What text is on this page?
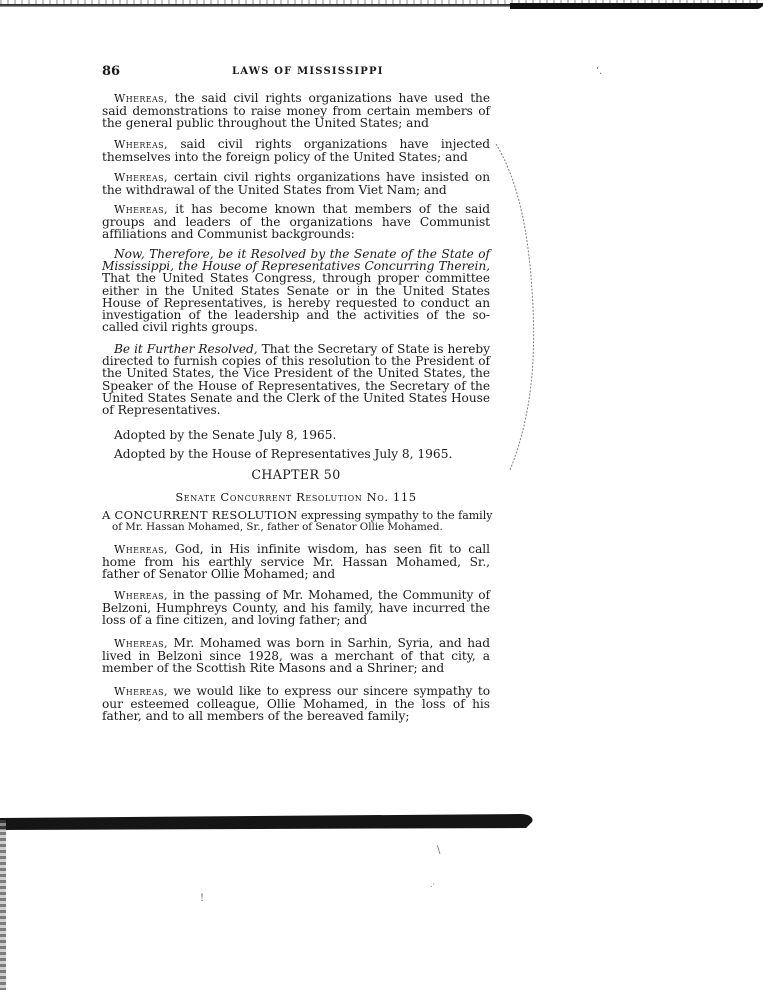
86	LAWS OF MISSISSIPPI	‘.

Whereas, the said civil rights organizations have used the said demonstrations to raise money from certain members of the general public throughout the United States; and

Whereas, said civil rights organizations have injected themselves into the foreign policy of the United States; and

Whereas, certain civil rights organizations have insisted on the withdrawal of the United States from Viet Nam; and

Whereas, it has become known that members of the said groups and leaders of the organizations have Communist affiliations and Communist backgrounds:

Now, Therefore, be it Resolved by the Senate of the State of Mississippi, the House of Representatives Concurring Therein, That the United States Congress, through proper committee either in the United States Senate or in the United States House of Representatives, is hereby requested to conduct an investigation of the leadership and the activities of the so-called civil rights groups.

Be it Further Resolved, That the Secretary of State is hereby directed to furnish copies of this resolution to the President of the United States, the Vice President of the United States, the Speaker of the House of Representatives, the Secretary of the United States Senate and the Clerk of the United States House of Representatives.

Adopted by the Senate July 8, 1965.
Adopted by the House of Representatives July 8, 1965.
CHAPTER 50
Senate Concurrent Resolution No. 115

A CONCURRENT RESOLUTION expressing sympathy to the family
of Mr. Hassan Mohamed, Sr., father of Senator Ollie Mohamed.

Whereas, God, in His infinite wisdom, has seen fit to call home from his earthly service Mr. Hassan Mohamed, Sr., father of Senator Ollie Mohamed; and

Whereas, in the passing of Mr. Mohamed, the Community of Belzoni, Humphreys County, and his family, have incurred the loss of a fine citizen, and loving father; and

Whereas, Mr. Mohamed was born in Sarhin, Syria, and had lived in Belzoni since 1928, was a merchant of that city, a member of the Scottish Rite Masons and a Shriner; and

Whereas, we would like to express our sincere sympathy to our esteemed colleague, Ollie Mohamed, in the loss of his father, and to all members of the bereaved family;

\
.·
!
